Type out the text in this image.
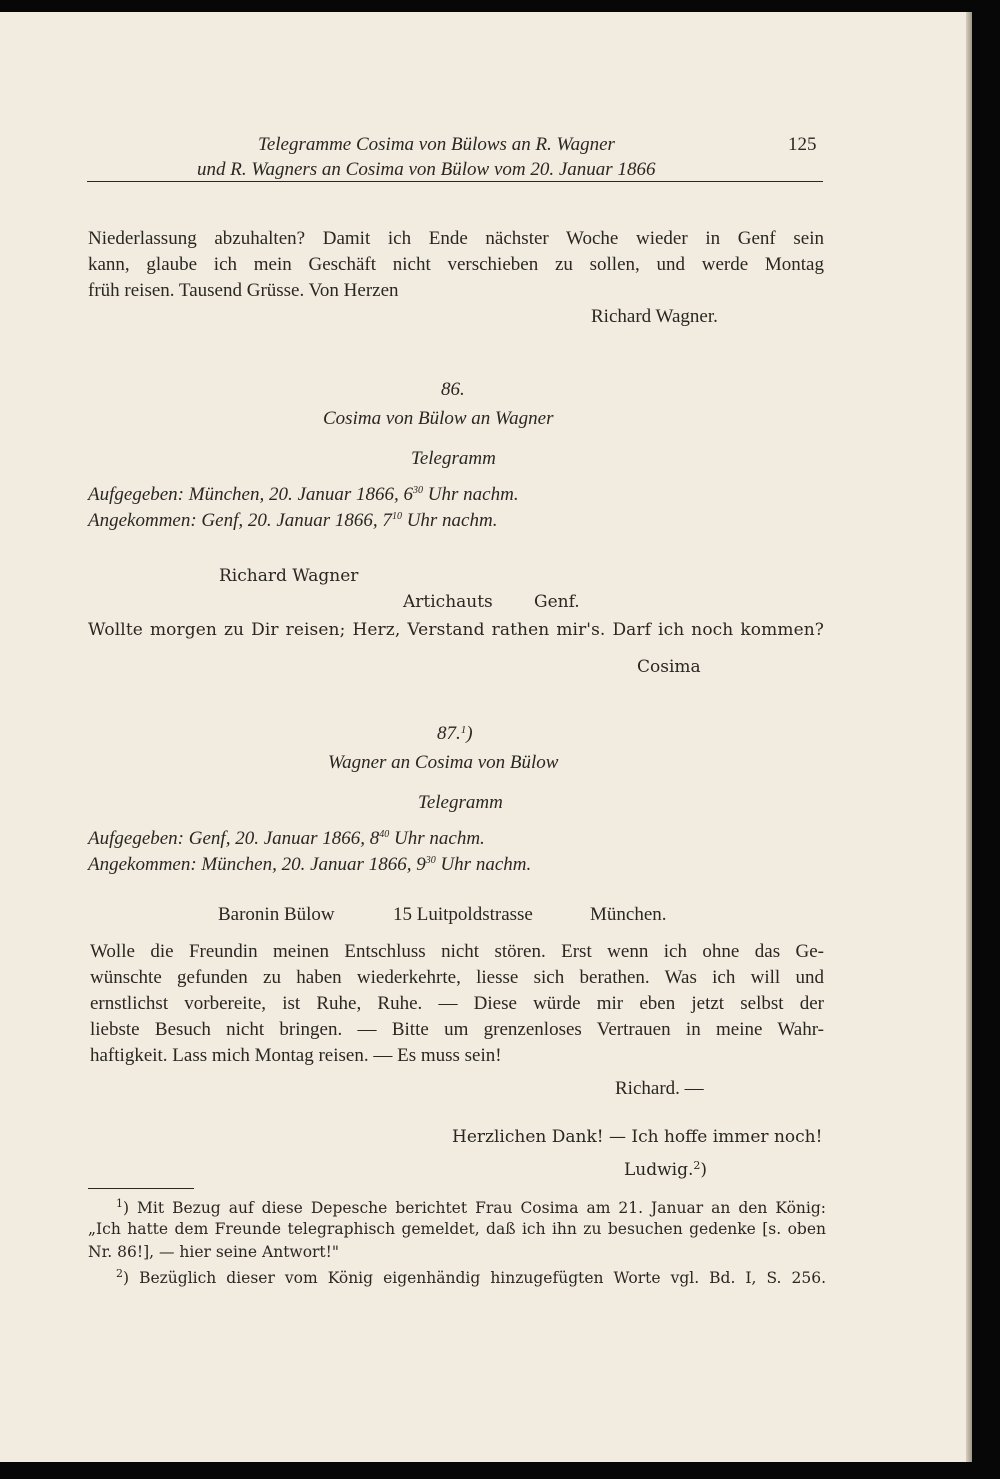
Telegramme Cosima von Bülows an R. Wagner
und R. Wagners an Cosima von Bülow vom 20. Januar 1866
125
Niederlassung abzuhalten? Damit ich Ende nächster Woche wieder in Genf sein
kann, glaube ich mein Geschäft nicht verschieben zu sollen, und werde Montag
früh reisen. Tausend Grüsse. Von Herzen
Richard Wagner.
86.
Cosima von Bülow an Wagner
Telegramm
Aufgegeben: München, 20. Januar 1866, $6^{30}$ Uhr nachm.
Angekommen: Genf, 20. Januar 1866, $7^{10}$ Uhr nachm.
Richard Wagner
Artichauts Genf.
Wollte morgen zu Dir reisen; Herz, Verstand rathen mir's. Darf ich noch kommen?
Cosima
87.$^1$)
Wagner an Cosima von Bülow
Telegramm
Aufgegeben: Genf, 20. Januar 1866, $8^{40}$ Uhr nachm.
Angekommen: München, 20. Januar 1866, $9^{30}$ Uhr nachm.
Baronin Bülow	15 Luitpoldstrasse	München.
Wolle die Freundin meinen Entschluss nicht stören. Erst wenn ich ohne das Ge-
wünschte gefunden zu haben wiederkehrte, liesse sich berathen. Was ich will und
ernstlichst vorbereite, ist Ruhe, Ruhe. — Diese würde mir eben jetzt selbst der
liebste Besuch nicht bringen. — Bitte um grenzenloses Vertrauen in meine Wahr-
haftigkeit. Lass mich Montag reisen. — Es muss sein!
Richard. —
Herzlichen Dank! — Ich hoffe immer noch!
Ludwig.$^2$)
$^1$) Mit Bezug auf diese Depesche berichtet Frau Cosima am 21. Januar an den König:
„Ich hatte dem Freunde telegraphisch gemeldet, daß ich ihn zu besuchen gedenke [s. oben
Nr. 86!], — hier seine Antwort!"
$^2$) Bezüglich dieser vom König eigenhändig hinzugefügten Worte vgl. Bd. I, S. 256.
